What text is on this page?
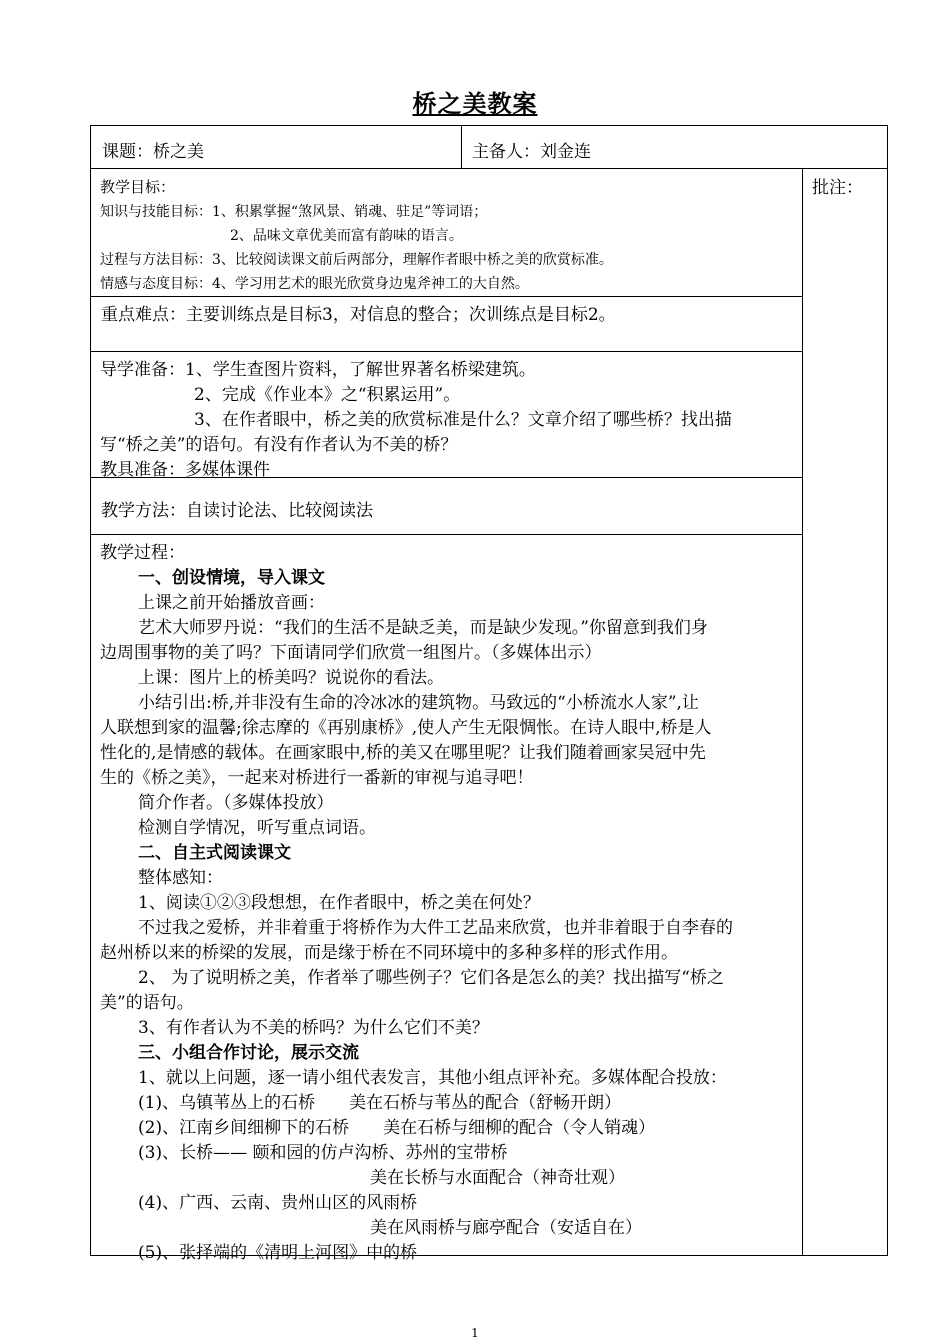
桥之美教案
课题：桥之美	主备人：刘金连
批注：
教学目标：
知识与技能目标：1、积累掌握“煞风景、销魂、驻足”等词语；
2、品味文章优美而富有韵味的语言。
过程与方法目标：3、比较阅读课文前后两部分，理解作者眼中桥之美的欣赏标准。
情感与态度目标：4、学习用艺术的眼光欣赏身边鬼斧神工的大自然。
重点难点：主要训练点是目标3，对信息的整合；次训练点是目标2。
导学准备：1、学生查图片资料，了解世界著名桥梁建筑。
2、完成《作业本》之“积累运用”。
3、在作者眼中，桥之美的欣赏标准是什么？文章介绍了哪些桥？找出描
写“桥之美”的语句。有没有作者认为不美的桥？
教具准备：多媒体课件
教学方法：自读讨论法、比较阅读法
教学过程：
一、创设情境，导入课文
上课之前开始播放音画：
艺术大师罗丹说：“我们的生活不是缺乏美，而是缺少发现。”你留意到我们身
边周围事物的美了吗？下面请同学们欣赏一组图片。（多媒体出示）
上课：图片上的桥美吗？说说你的看法。
小结引出:桥,并非没有生命的冷冰冰的建筑物。马致远的“小桥流水人家”,让
人联想到家的温馨;徐志摩的《再别康桥》,使人产生无限惆怅。在诗人眼中,桥是人
性化的,是情感的载体。在画家眼中,桥的美又在哪里呢？让我们随着画家吴冠中先
生的《桥之美》，一起来对桥进行一番新的审视与追寻吧！
简介作者。（多媒体投放）
检测自学情况，听写重点词语。
二、自主式阅读课文
整体感知：
1、阅读①②③段想想，在作者眼中，桥之美在何处？
不过我之爱桥，并非着重于将桥作为大件工艺品来欣赏，也并非着眼于自李春的
赵州桥以来的桥梁的发展，而是缘于桥在不同环境中的多种多样的形式作用。
2、 为了说明桥之美，作者举了哪些例子？它们各是怎么的美？找出描写“桥之
美”的语句。
3、有作者认为不美的桥吗？为什么它们不美？
三、小组合作讨论，展示交流
1、就以上问题，逐一请小组代表发言，其他小组点评补充。多媒体配合投放：
(1)、乌镇苇丛上的石桥　　美在石桥与苇丛的配合（舒畅开朗）
(2)、江南乡间细柳下的石桥　　美在石桥与细柳的配合（令人销魂）
(3)、长桥—— 颐和园的仿卢沟桥、苏州的宝带桥
美在长桥与水面配合（神奇壮观）
(4)、广西、云南、贵州山区的风雨桥
美在风雨桥与廊亭配合（安适自在）
(5)、张择端的《清明上河图》中的桥
1
